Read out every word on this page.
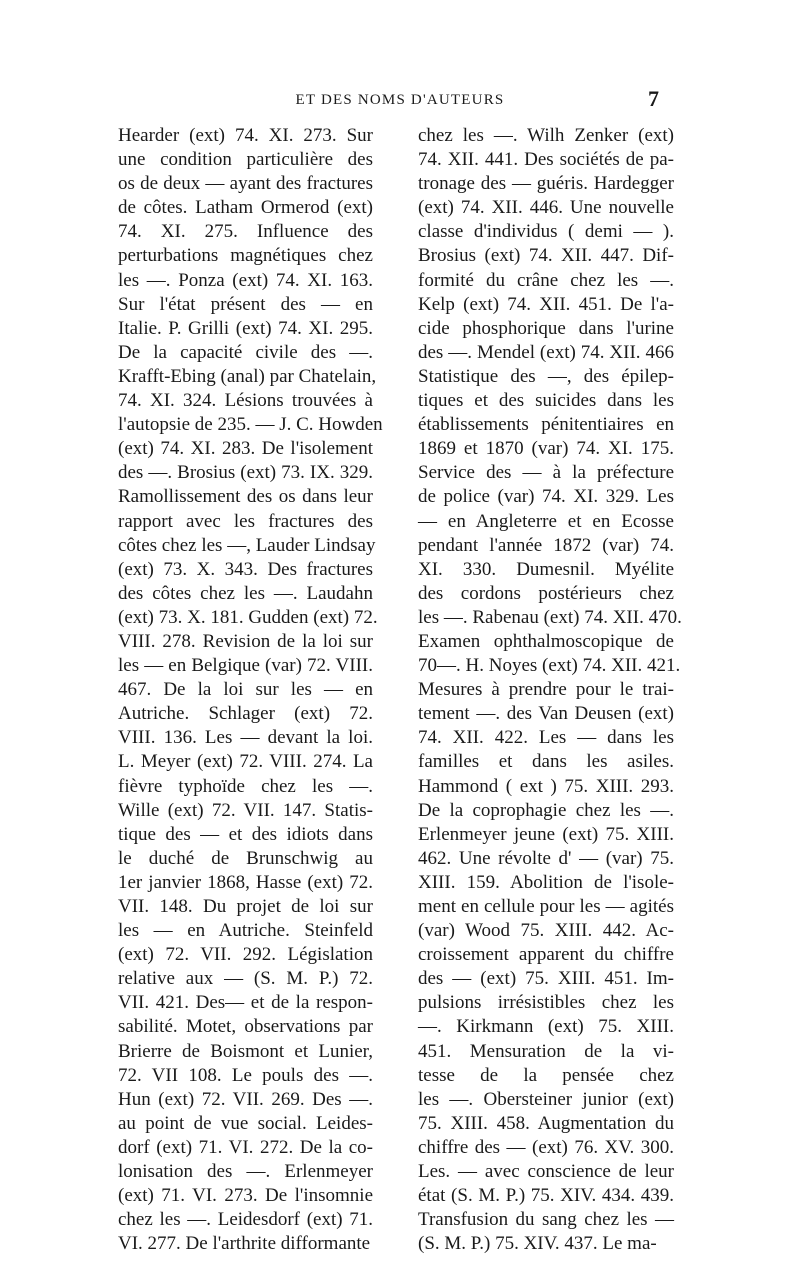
ET DES NOMS D'AUTEURS	7
Hearder (ext) 74. XI. 273. Sur
une condition particulière des
os de deux — ayant des fractures
de côtes. Latham Ormerod (ext)
74. XI. 275. Influence des
perturbations magnétiques chez
les —. Ponza (ext) 74. XI. 163.
Sur l'état présent des — en
Italie. P. Grilli (ext) 74. XI. 295.
De la capacité civile des —.
Krafft-Ebing (anal) par Chatelain,
74. XI. 324. Lésions trouvées à
l'autopsie de 235. — J. C. Howden
(ext) 74. XI. 283. De l'isolement
des —. Brosius (ext) 73. IX. 329.
Ramollissement des os dans leur
rapport avec les fractures des
côtes chez les —, Lauder Lindsay
(ext) 73. X. 343. Des fractures
des côtes chez les —. Laudahn
(ext) 73. X. 181. Gudden (ext) 72.
VIII. 278. Revision de la loi sur
les — en Belgique (var) 72. VIII.
467. De la loi sur les — en
Autriche. Schlager (ext) 72.
VIII. 136. Les — devant la loi.
L. Meyer (ext) 72. VIII. 274. La
fièvre typhoïde chez les —.
Wille (ext) 72. VII. 147. Statis-
tique des — et des idiots dans
le duché de Brunschwig au
1er janvier 1868, Hasse (ext) 72.
VII. 148. Du projet de loi sur
les — en Autriche. Steinfeld
(ext) 72. VII. 292. Législation
relative aux — (S. M. P.) 72.
VII. 421. Des— et de la respon-
sabilité. Motet, observations par
Brierre de Boismont et Lunier,
72. VII 108. Le pouls des —.
Hun (ext) 72. VII. 269. Des —.
au point de vue social. Leides-
dorf (ext) 71. VI. 272. De la co-
lonisation des —. Erlenmeyer
(ext) 71. VI. 273. De l'insomnie
chez les —. Leidesdorf (ext) 71.
VI. 277. De l'arthrite difformante
chez les —. Wilh Zenker (ext)
74. XII. 441. Des sociétés de pa-
tronage des — guéris. Hardegger
(ext) 74. XII. 446. Une nouvelle
classe d'individus ( demi — ).
Brosius (ext) 74. XII. 447. Dif-
formité du crâne chez les —.
Kelp (ext) 74. XII. 451. De l'a-
cide phosphorique dans l'urine
des —. Mendel (ext) 74. XII. 466
Statistique des —, des épilep-
tiques et des suicides dans les
établissements pénitentiaires en
1869 et 1870 (var) 74. XI. 175.
Service des — à la préfecture
de police (var) 74. XI. 329. Les
— en Angleterre et en Ecosse
pendant l'année 1872 (var) 74.
XI. 330. Dumesnil. Myélite
des cordons postérieurs chez
les —. Rabenau (ext) 74. XII. 470.
Examen ophthalmoscopique de
70—. H. Noyes (ext) 74. XII. 421.
Mesures à prendre pour le trai-
tement —. des Van Deusen (ext)
74. XII. 422. Les — dans les
familles et dans les asiles.
Hammond ( ext ) 75. XIII. 293.
De la coprophagie chez les —.
Erlenmeyer jeune (ext) 75. XIII.
462. Une révolte d' — (var) 75.
XIII. 159. Abolition de l'isole-
ment en cellule pour les — agités
(var) Wood 75. XIII. 442. Ac-
croissement apparent du chiffre
des — (ext) 75. XIII. 451. Im-
pulsions irrésistibles chez les
—. Kirkmann (ext) 75. XIII.
451. Mensuration de la vi-
tesse de la pensée chez
les —. Obersteiner junior (ext)
75. XIII. 458. Augmentation du
chiffre des — (ext) 76. XV. 300.
Les. — avec conscience de leur
état (S. M. P.) 75. XIV. 434. 439.
Transfusion du sang chez les —
(S. M. P.) 75. XIV. 437. Le ma-
